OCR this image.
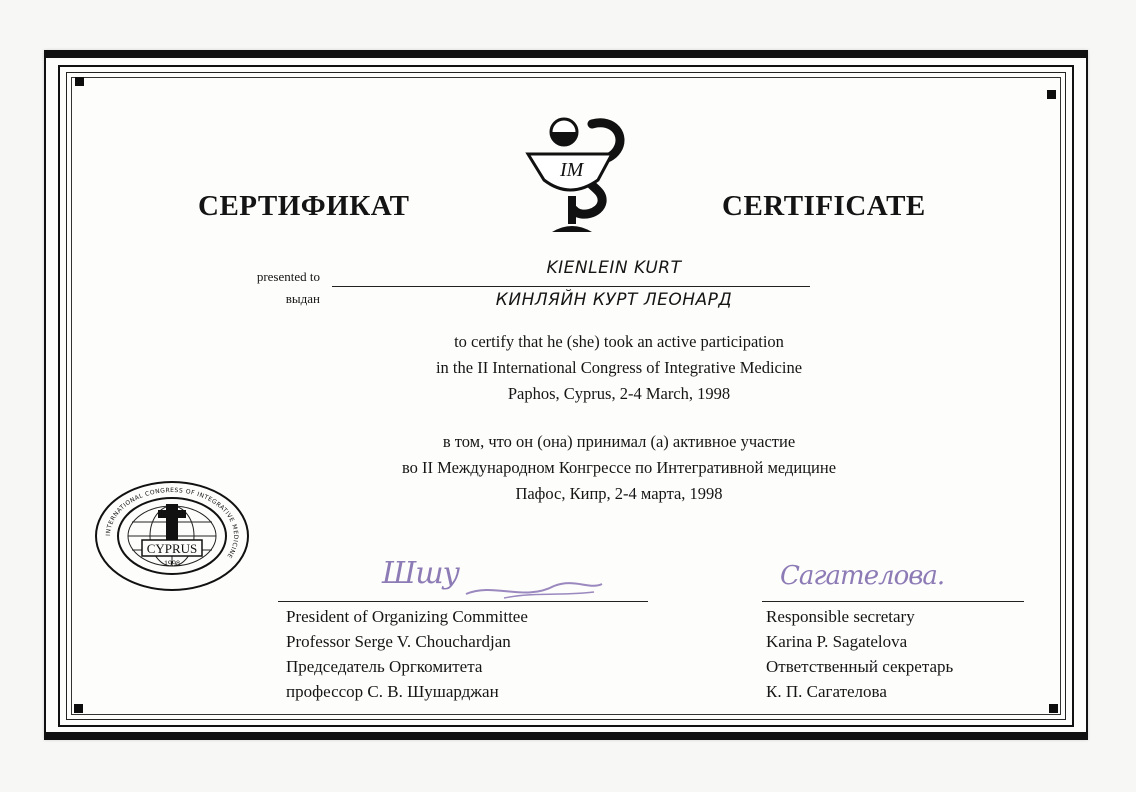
СЕРТИФИКАТ	CERTIFICATE
IM
presented to
выдан
KIENLEIN KURT
КИНЛЯЙН КУРТ ЛЕОНАРД
to certify that he (she) took an active participation
in the II International Congress of Integrative Medicine
Paphos, Cyprus, 2-4 March, 1998
в том, что он (она) принимал (а) активное участие
во II Международном Конгрессе по Интегративной медицине
Пафос, Кипр, 2-4 марта, 1998
INTERNATIONAL CONGRESS OF INTEGRATIVE MEDICINE
CYPRUS
1998	Шшу
President of Organizing Committee
Professor Serge V. Chouchardjan
Председатель Оргкомитета
профессор С. В. Шушарджан
Сагателова.
Responsible secretary
Karina P. Sagatelova
Ответственный секретарь
К. П. Сагателова
